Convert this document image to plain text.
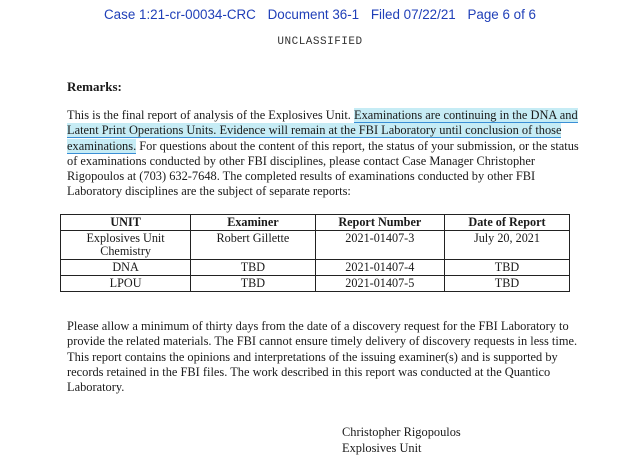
Case 1:21-cr-00034-CRC Document 36-1 Filed 07/22/21 Page 6 of 6
UNCLASSIFIED
Remarks:
This is the final report of analysis of the Explosives Unit. Examinations are continuing in the DNA and Latent Print Operations Units. Evidence will remain at the FBI Laboratory until conclusion of those examinations. For questions about the content of this report, the status of your submission, or the status of examinations conducted by other FBI disciplines, please contact Case Manager Christopher Rigopoulos at (703) 632-7648. The completed results of examinations conducted by other FBI Laboratory disciplines are the subject of separate reports:
UNIT	Examiner	Report Number	Date of Report
Explosives Unit Chemistry	Robert Gillette	2021-01407-3	July 20, 2021
DNA	TBD	2021-01407-4	TBD
LPOU	TBD	2021-01407-5	TBD
Please allow a minimum of thirty days from the date of a discovery request for the FBI Laboratory to provide the related materials. The FBI cannot ensure timely delivery of discovery requests in less time. This report contains the opinions and interpretations of the issuing examiner(s) and is supported by records retained in the FBI files. The work described in this report was conducted at the Quantico Laboratory.
Christopher Rigopoulos
Explosives Unit
